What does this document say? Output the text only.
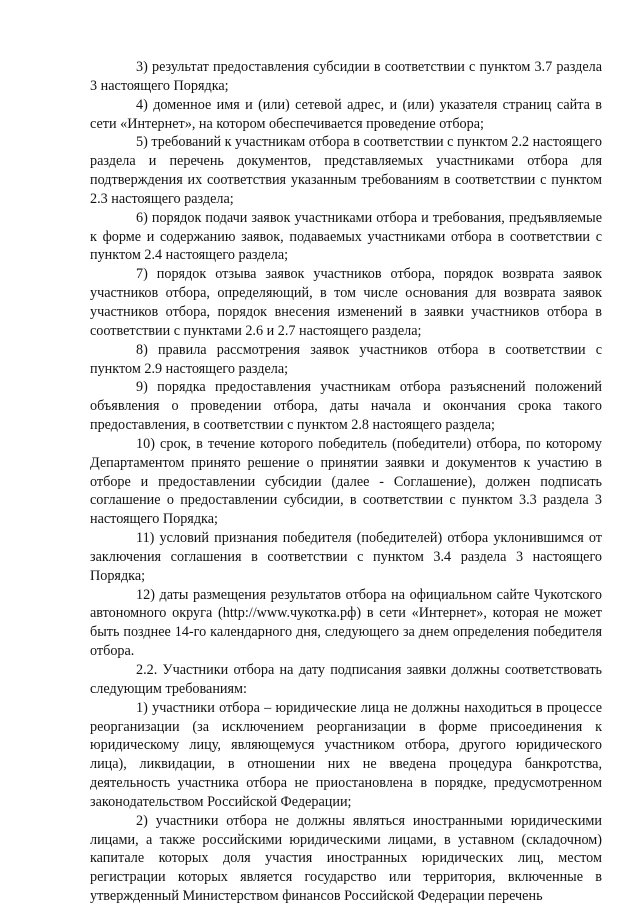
3) результат предоставления субсидии в соответствии с пунктом 3.7 раздела 3 настоящего Порядка;

4) доменное имя и (или) сетевой адрес, и (или) указателя страниц сайта в сети «Интернет», на котором обеспечивается проведение отбора;

5) требований к участникам отбора в соответствии с пунктом 2.2 настоящего раздела и перечень документов, представляемых участниками отбора для подтверждения их соответствия указанным требованиям в соответствии с пунктом 2.3 настоящего раздела;

6) порядок подачи заявок участниками отбора и требования, предъявляемые к форме и содержанию заявок, подаваемых участниками отбора в соответствии с пунктом 2.4 настоящего раздела;

7) порядок отзыва заявок участников отбора, порядок возврата заявок участников отбора, определяющий, в том числе основания для возврата заявок участников отбора, порядок внесения изменений в заявки участников отбора в соответствии с пунктами 2.6 и 2.7 настоящего раздела;

8) правила рассмотрения заявок участников отбора в соответствии с пунктом 2.9 настоящего раздела;

9) порядка предоставления участникам отбора разъяснений положений объявления о проведении отбора, даты начала и окончания срока такого предоставления, в соответствии с пунктом 2.8 настоящего раздела;

10) срок, в течение которого победитель (победители) отбора, по которому Департаментом принято решение о принятии заявки и документов к участию в отборе и предоставлении субсидии (далее - Соглашение), должен подписать соглашение о предоставлении субсидии, в соответствии с пунктом 3.3 раздела 3 настоящего Порядка;

11) условий признания победителя (победителей) отбора уклонившимся от заключения соглашения в соответствии с пунктом 3.4 раздела 3 настоящего Порядка;

12) даты размещения результатов отбора на официальном сайте Чукотского автономного округа (http://www.чукотка.рф) в сети «Интернет», которая не может быть позднее 14-го календарного дня, следующего за днем определения победителя отбора.

2.2. Участники отбора на дату подписания заявки должны соответствовать следующим требованиям:

1) участники отбора – юридические лица не должны находиться в процессе реорганизации (за исключением реорганизации в форме присоединения к юридическому лицу, являющемуся участником отбора, другого юридического лица), ликвидации, в отношении них не введена процедура банкротства, деятельность участника отбора не приостановлена в порядке, предусмотренном законодательством Российской Федерации;

2) участники отбора не должны являться иностранными юридическими лицами, а также российскими юридическими лицами, в уставном (складочном) капитале которых доля участия иностранных юридических лиц, местом регистрации которых является государство или территория, включенные в утвержденный Министерством финансов Российской Федерации перечень
